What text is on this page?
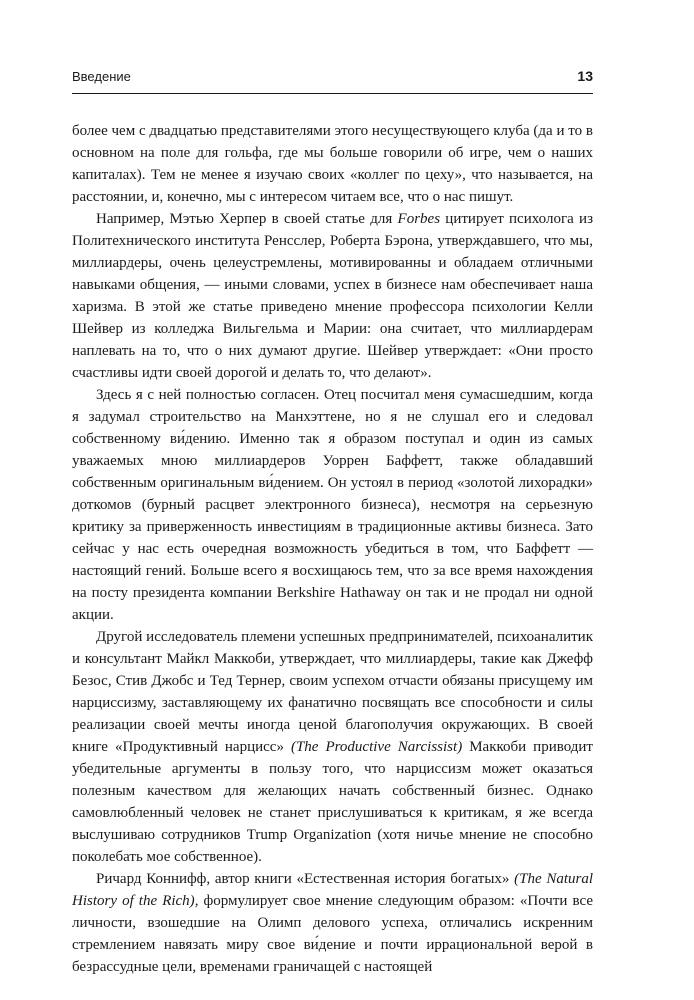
Введение	13

более чем с двадцатью представителями этого несуществующего клуба (да и то в основном на поле для гольфа, где мы больше говорили об игре, чем о наших капиталах). Тем не менее я изучаю своих «коллег по цеху», что называется, на расстоянии, и, конечно, мы с интересом читаем все, что о нас пишут.

Например, Мэтью Херпер в своей статье для Forbes цитирует психолога из Политехнического института Ренсслер, Роберта Бэрона, утверждавшего, что мы, миллиардеры, очень целеустремлены, мотивированны и обладаем отличными навыками общения, — иными словами, успех в бизнесе нам обеспечивает наша харизма. В этой же статье приведено мнение профессора психологии Келли Шейвер из колледжа Вильгельма и Марии: она считает, что миллиардерам наплевать на то, что о них думают другие. Шейвер утверждает: «Они просто счастливы идти своей дорогой и делать то, что делают».

Здесь я с ней полностью согласен. Отец посчитал меня сумасшедшим, когда я задумал строительство на Манхэттене, но я не слушал его и следовал собственному ви́дению. Именно так я образом поступал и один из самых уважаемых мною миллиардеров Уоррен Баффетт, также обладавший собственным оригинальным ви́дением. Он устоял в период «золотой лихорадки» доткомов (бурный расцвет электронного бизнеса), несмотря на серьезную критику за приверженность инвестициям в традиционные активы бизнеса. Зато сейчас у нас есть очередная возможность убедиться в том, что Баффетт — настоящий гений. Больше всего я восхищаюсь тем, что за все время нахождения на посту президента компании Berkshire Hathaway он так и не продал ни одной акции.

Другой исследователь племени успешных предпринимателей, психоаналитик и консультант Майкл Маккоби, утверждает, что миллиардеры, такие как Джефф Безос, Стив Джобс и Тед Тернер, своим успехом отчасти обязаны присущему им нарциссизму, заставляющему их фанатично посвящать все способности и силы реализации своей мечты иногда ценой благополучия окружающих. В своей книге «Продуктивный нарцисс» (The Productive Narcissist) Маккоби приводит убедительные аргументы в пользу того, что нарциссизм может оказаться полезным качеством для желающих начать собственный бизнес. Однако самовлюбленный человек не станет прислушиваться к критикам, я же всегда выслушиваю сотрудников Trump Organization (хотя ничье мнение не способно поколебать мое собственное).

Ричард Коннифф, автор книги «Естественная история богатых» (The Natural History of the Rich), формулирует свое мнение следующим образом: «Почти все личности, взошедшие на Олимп делового успеха, отличались искренним стремлением навязать миру свое ви́дение и почти иррациональной верой в безрассудные цели, временами граничащей с настоящей
